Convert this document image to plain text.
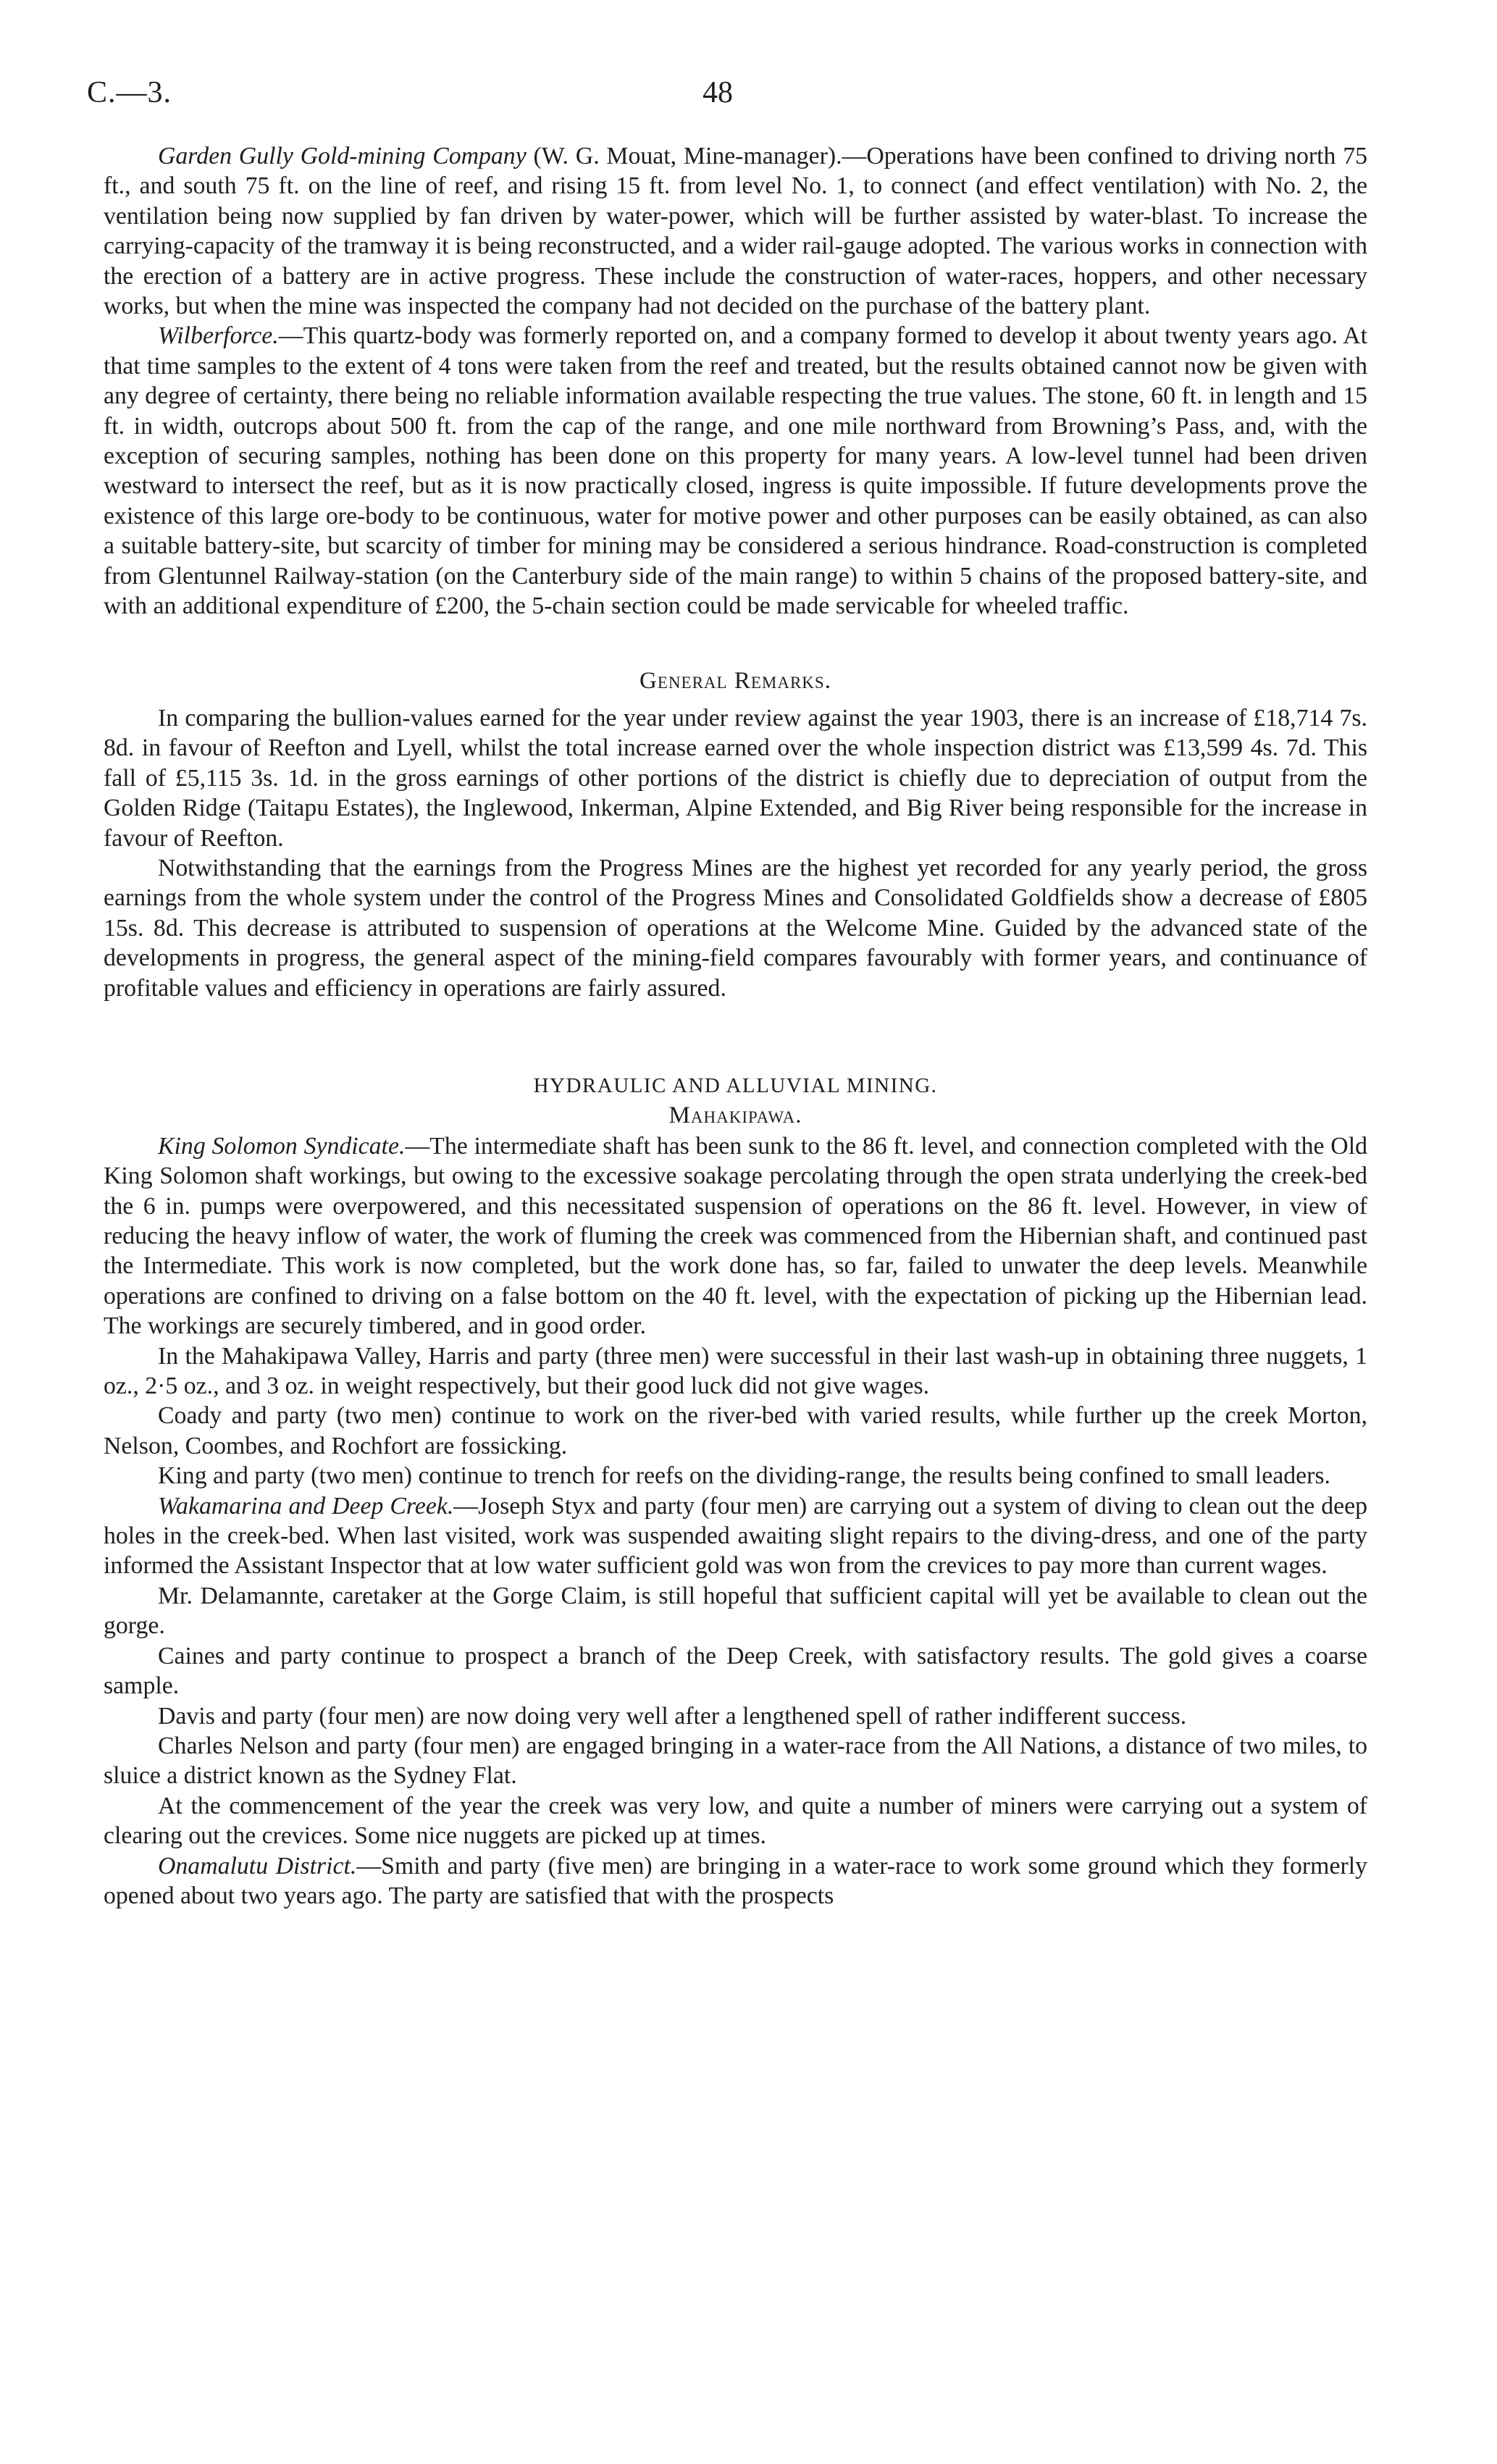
C.—3.	48

Garden Gully Gold-mining Company (W. G. Mouat, Mine-manager).—Operations have been confined to driving north 75 ft., and south 75 ft. on the line of reef, and rising 15 ft. from level No. 1, to connect (and effect ventilation) with No. 2, the ventilation being now supplied by fan driven by water-power, which will be further assisted by water-blast. To increase the carrying-capacity of the tramway it is being reconstructed, and a wider rail-gauge adopted. The various works in connection with the erection of a battery are in active progress. These include the construction of water-races, hoppers, and other necessary works, but when the mine was inspected the company had not decided on the purchase of the battery plant.

Wilberforce.—This quartz-body was formerly reported on, and a company formed to develop it about twenty years ago. At that time samples to the extent of 4 tons were taken from the reef and treated, but the results obtained cannot now be given with any degree of certainty, there being no reliable information available respecting the true values. The stone, 60 ft. in length and 15 ft. in width, outcrops about 500 ft. from the cap of the range, and one mile northward from Browning’s Pass, and, with the exception of securing samples, nothing has been done on this property for many years. A low-level tunnel had been driven westward to intersect the reef, but as it is now practically closed, ingress is quite impossible. If future developments prove the existence of this large ore-body to be continuous, water for motive power and other purposes can be easily obtained, as can also a suitable battery-site, but scarcity of timber for mining may be considered a serious hindrance. Road-construction is completed from Glentunnel Railway-station (on the Canterbury side of the main range) to within 5 chains of the proposed battery-site, and with an additional expenditure of £200, the 5-chain section could be made servicable for wheeled traffic.

General Remarks.

In comparing the bullion-values earned for the year under review against the year 1903, there is an increase of £18,714 7s. 8d. in favour of Reefton and Lyell, whilst the total increase earned over the whole inspection district was £13,599 4s. 7d. This fall of £5,115 3s. 1d. in the gross earnings of other portions of the district is chiefly due to depreciation of output from the Golden Ridge (Taitapu Estates), the Inglewood, Inkerman, Alpine Extended, and Big River being responsible for the increase in favour of Reefton.

Notwithstanding that the earnings from the Progress Mines are the highest yet recorded for any yearly period, the gross earnings from the whole system under the control of the Progress Mines and Consolidated Goldfields show a decrease of £805 15s. 8d. This decrease is attributed to suspension of operations at the Welcome Mine. Guided by the advanced state of the developments in progress, the general aspect of the mining-field compares favourably with former years, and continuance of profitable values and efficiency in operations are fairly assured.

HYDRAULIC AND ALLUVIAL MINING.

Mahakipawa.

King Solomon Syndicate.—The intermediate shaft has been sunk to the 86 ft. level, and connection completed with the Old King Solomon shaft workings, but owing to the excessive soakage percolating through the open strata underlying the creek-bed the 6 in. pumps were overpowered, and this necessitated suspension of operations on the 86 ft. level. However, in view of reducing the heavy inflow of water, the work of fluming the creek was commenced from the Hibernian shaft, and continued past the Intermediate. This work is now completed, but the work done has, so far, failed to unwater the deep levels. Meanwhile operations are confined to driving on a false bottom on the 40 ft. level, with the expectation of picking up the Hibernian lead. The workings are securely timbered, and in good order.

In the Mahakipawa Valley, Harris and party (three men) were successful in their last wash-up in obtaining three nuggets, 1 oz., 2·5 oz., and 3 oz. in weight respectively, but their good luck did not give wages.

Coady and party (two men) continue to work on the river-bed with varied results, while further up the creek Morton, Nelson, Coombes, and Rochfort are fossicking.

King and party (two men) continue to trench for reefs on the dividing-range, the results being confined to small leaders.

Wakamarina and Deep Creek.—Joseph Styx and party (four men) are carrying out a system of diving to clean out the deep holes in the creek-bed. When last visited, work was suspended awaiting slight repairs to the diving-dress, and one of the party informed the Assistant Inspector that at low water sufficient gold was won from the crevices to pay more than current wages.

Mr. Delamannte, caretaker at the Gorge Claim, is still hopeful that sufficient capital will yet be available to clean out the gorge.

Caines and party continue to prospect a branch of the Deep Creek, with satisfactory results. The gold gives a coarse sample.

Davis and party (four men) are now doing very well after a lengthened spell of rather indifferent success.

Charles Nelson and party (four men) are engaged bringing in a water-race from the All Nations, a distance of two miles, to sluice a district known as the Sydney Flat.

At the commencement of the year the creek was very low, and quite a number of miners were carrying out a system of clearing out the crevices. Some nice nuggets are picked up at times.

Onamalutu District.—Smith and party (five men) are bringing in a water-race to work some ground which they formerly opened about two years ago. The party are satisfied that with the prospects
